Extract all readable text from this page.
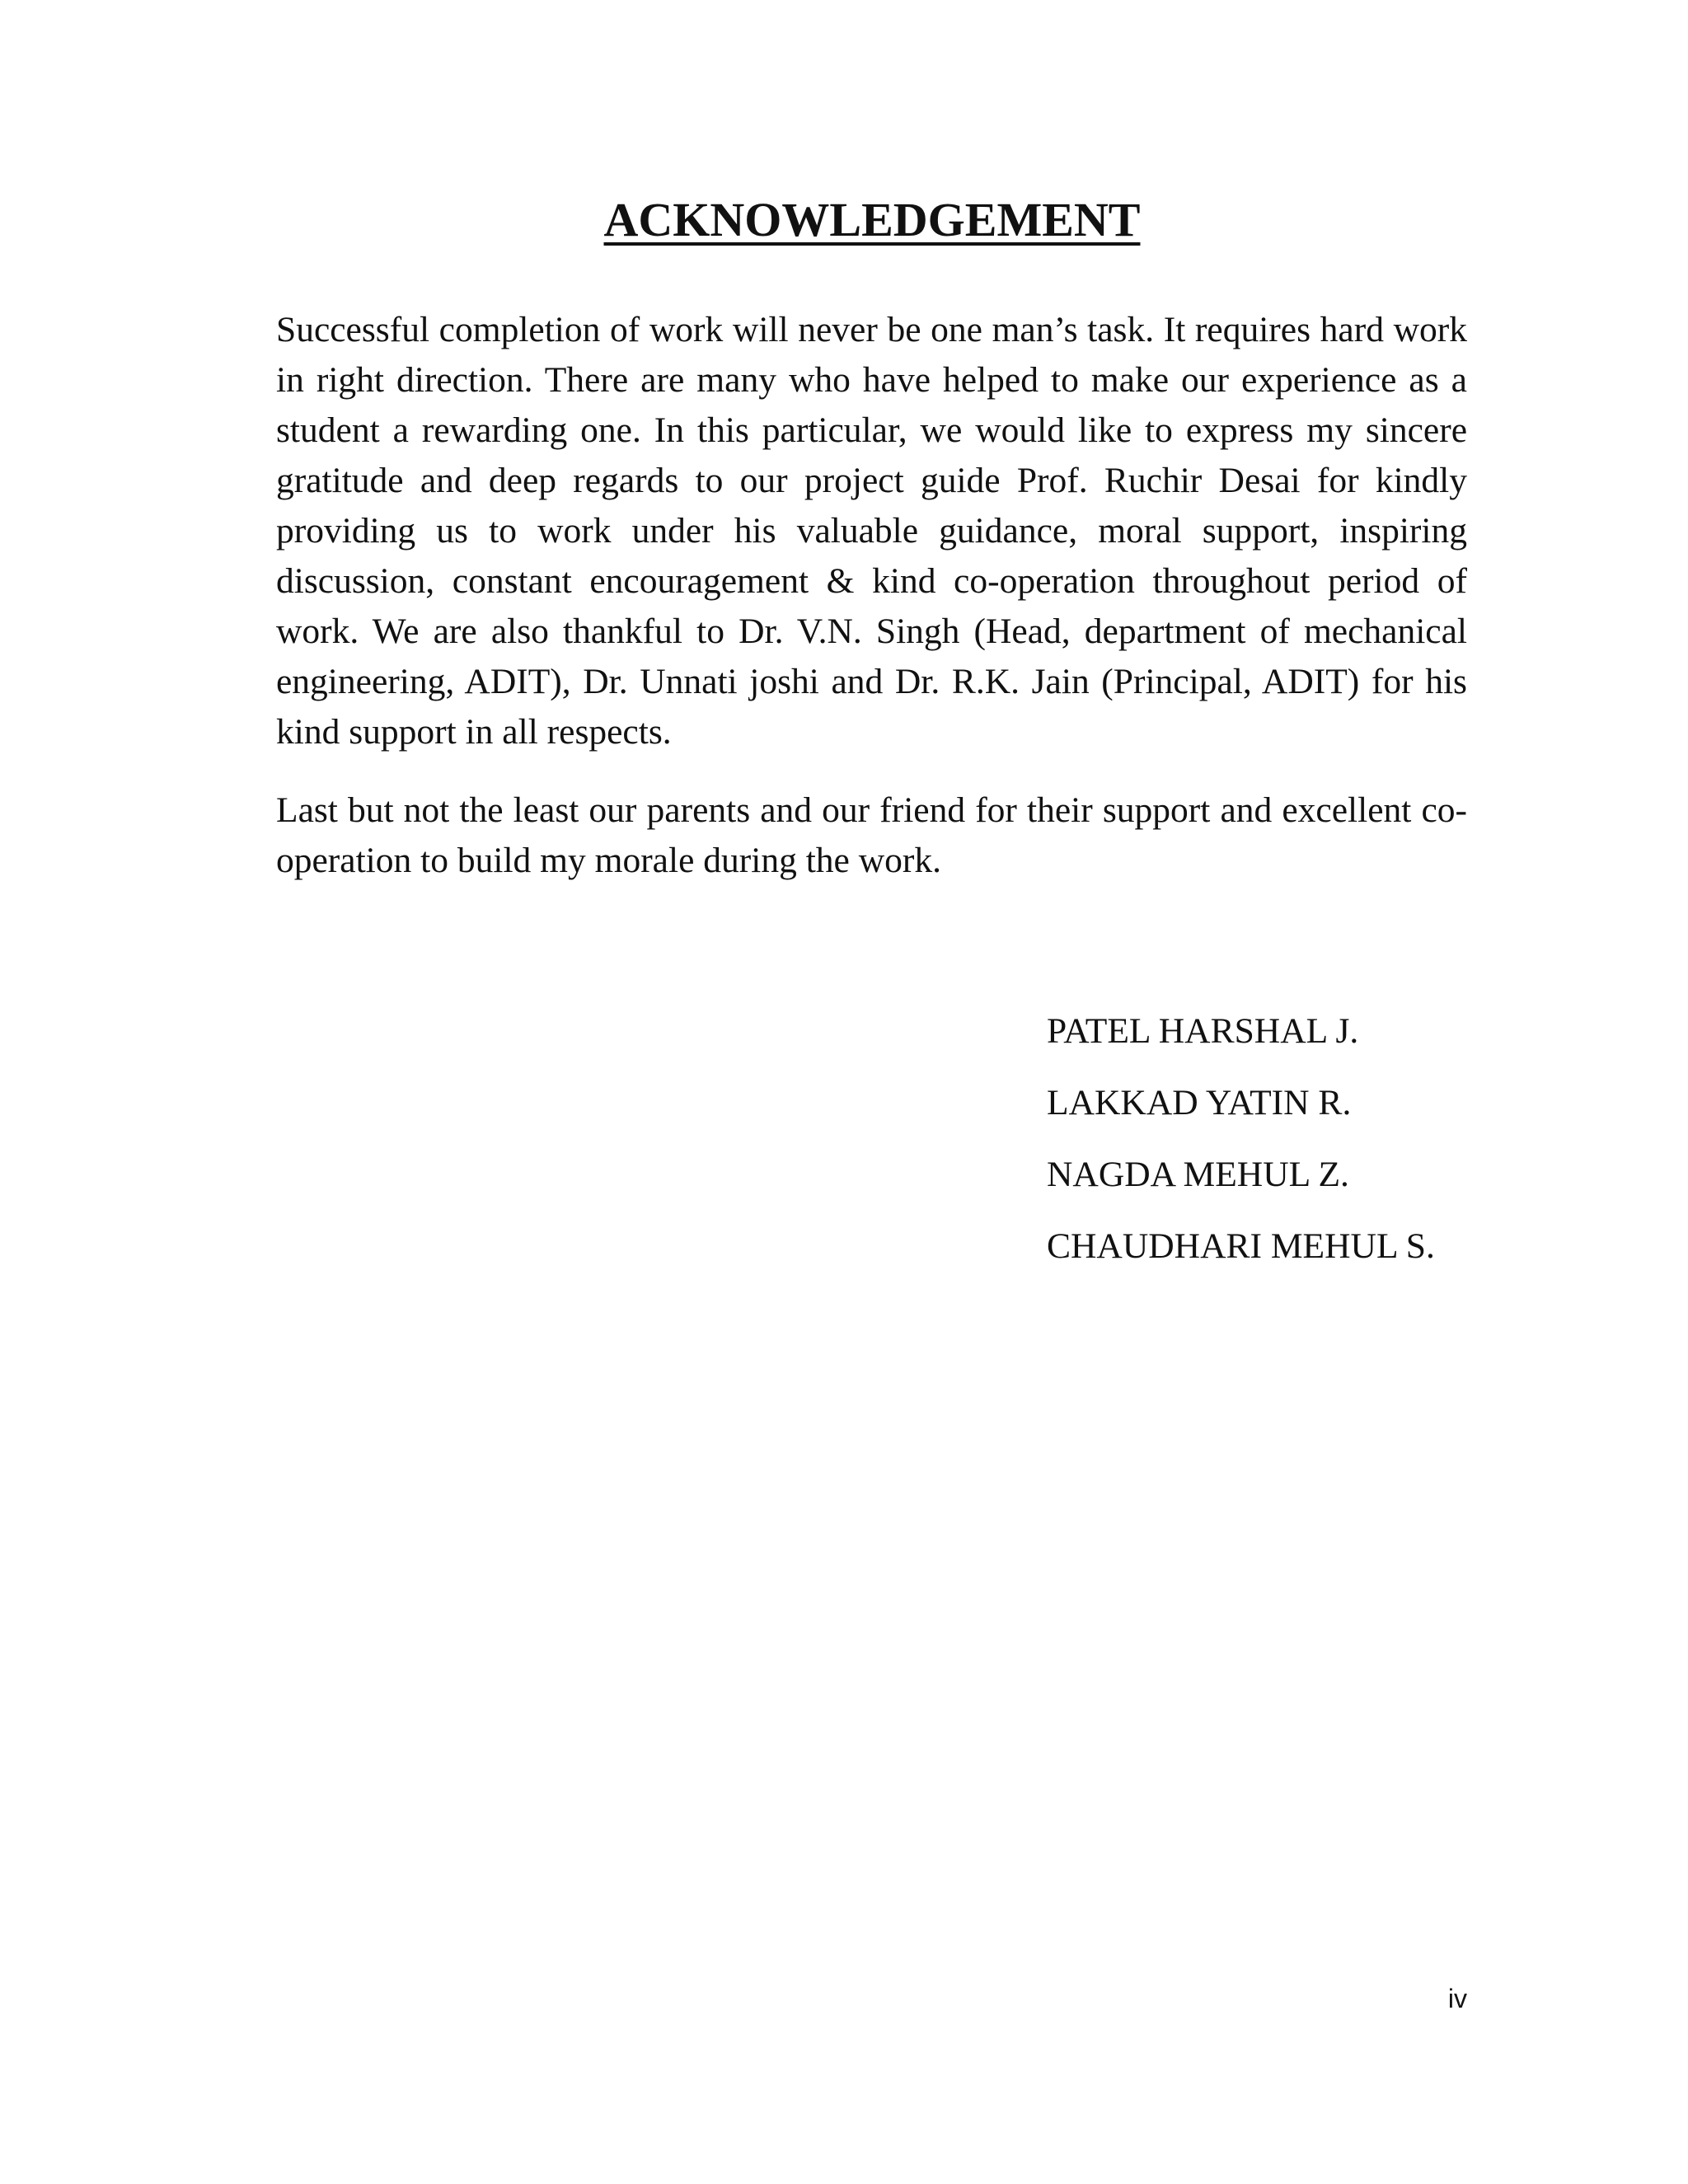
ACKNOWLEDGEMENT

Successful completion of work will never be one man’s task. It requires hard work in right direction. There are many who have helped to make our experience as a student a rewarding one. In this particular, we would like to express my sincere gratitude and deep regards to our project guide Prof. Ruchir Desai for kindly providing us to work under his valuable guidance, moral support, inspiring discussion, constant encouragement & kind co-operation throughout period of work. We are also thankful to Dr. V.N. Singh (Head, department of mechanical engineering, ADIT), Dr. Unnati joshi and Dr. R.K. Jain (Principal, ADIT) for his kind support in all respects.

Last but not the least our parents and our friend for their support and excellent co-operation to build my morale during the work.

PATEL HARSHAL J.
LAKKAD YATIN R.
NAGDA MEHUL Z.
CHAUDHARI MEHUL S.
iv
